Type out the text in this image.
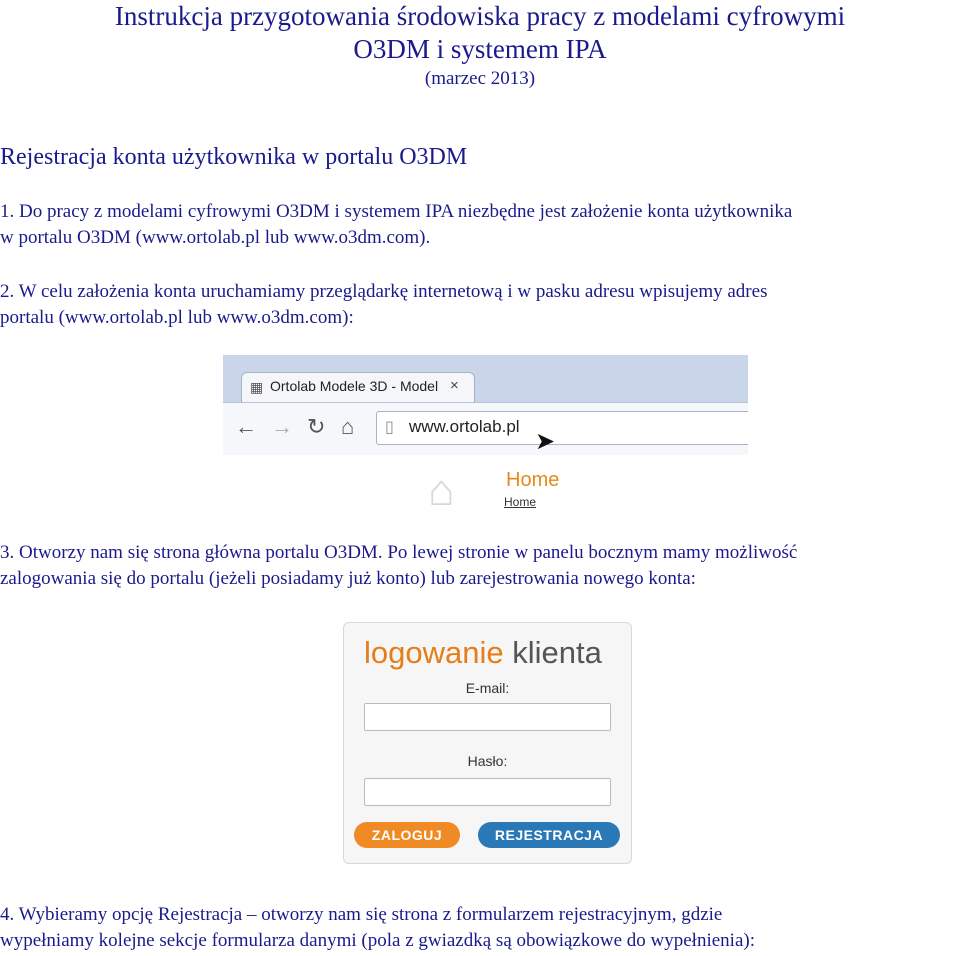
Instrukcja przygotowania środowiska pracy z modelami cyfrowymi
O3DM i systemem IPA
(marzec 2013)
Rejestracja konta użytkownika w portalu O3DM
1. Do pracy z modelami cyfrowymi O3DM i systemem IPA niezbędne jest założenie konta użytkownika
w portalu O3DM (www.ortolab.pl lub www.o3dm.com).
2. W celu założenia konta uruchamiamy przeglądarkę internetową i w pasku adresu wpisujemy adres
portalu (www.ortolab.pl lub www.o3dm.com):
▦ Ortolab Modele 3D - Model ×
← → ↻ ⌂ ▯ www.ortolab.pl
➤
⌂	Home
Home
3. Otworzy nam się strona główna portalu O3DM. Po lewej stronie w panelu bocznym mamy możliwość
zalogowania się do portalu (jeżeli posiadamy już konto) lub zarejestrowania nowego konta:
logowanie klienta
E-mail:
Hasło:
ZALOGUJ	REJESTRACJA
4. Wybieramy opcję Rejestracja – otworzy nam się strona z formularzem rejestracyjnym, gdzie
wypełniamy kolejne sekcje formularza danymi (pola z gwiazdką są obowiązkowe do wypełnienia):
